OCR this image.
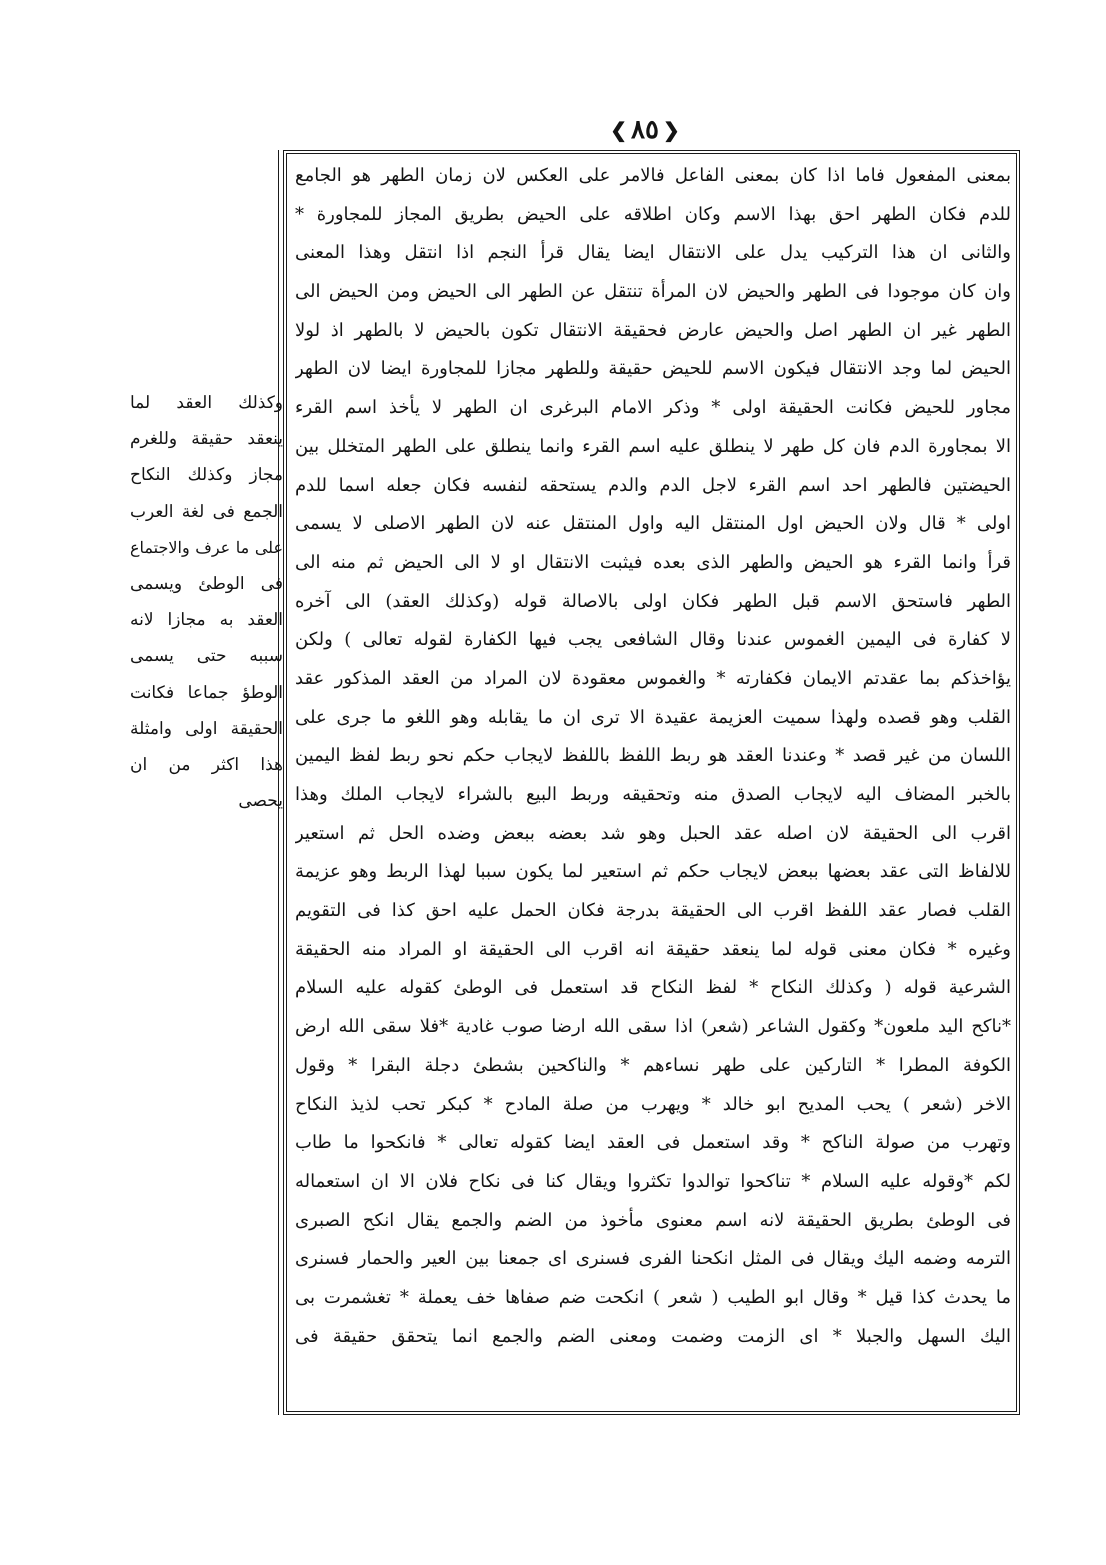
❮ ٨٥ ❯
بمعنى المفعول فاما اذا كان بمعنى الفاعل فالامر على العكس لان زمان الطهر هو الجامع
للدم فكان الطهر احق بهذا الاسم وكان اطلاقه على الحيض بطريق المجاز للمجاورة *
والثانى ان هذا التركيب يدل على الانتقال ايضا يقال قرأ النجم اذا انتقل وهذا المعنى
وان كان موجودا فى الطهر والحيض لان المرأة تنتقل عن الطهر الى الحيض ومن الحيض الى
الطهر غير ان الطهر اصل والحيض عارض فحقيقة الانتقال تكون بالحيض لا بالطهر اذ لولا
الحيض لما وجد الانتقال فيكون الاسم للحيض حقيقة وللطهر مجازا للمجاورة ايضا لان الطهر
مجاور للحيض فكانت الحقيقة اولى * وذكر الامام البرغرى ان الطهر لا يأخذ اسم القرء
الا بمجاورة الدم فان كل طهر لا ينطلق عليه اسم القرء وانما ينطلق على الطهر المتخلل بين
الحيضتين فالطهر احد اسم القرء لاجل الدم والدم يستحقه لنفسه فكان جعله اسما للدم
اولى * قال ولان الحيض اول المنتقل اليه واول المنتقل عنه لان الطهر الاصلى لا يسمى
قرأ وانما القرء هو الحيض والطهر الذى بعده فيثبت الانتقال او لا الى الحيض ثم منه الى
الطهر فاستحق الاسم قبل الطهر فكان اولى بالاصالة قوله (وكذلك العقد) الى آخره
لا كفارة فى اليمين الغموس عندنا وقال الشافعى يجب فيها الكفارة لقوله تعالى ) ولكن
يؤاخذكم بما عقدتم الايمان فكفارته * والغموس معقودة لان المراد من العقد المذكور عقد
القلب وهو قصده ولهذا سميت العزيمة عقيدة الا ترى ان ما يقابله وهو اللغو ما جرى على
اللسان من غير قصد * وعندنا العقد هو ربط اللفظ باللفظ لايجاب حكم نحو ربط لفظ اليمين
بالخبر المضاف اليه لايجاب الصدق منه وتحقيقه وربط البيع بالشراء لايجاب الملك وهذا
اقرب الى الحقيقة لان اصله عقد الحبل وهو شد بعضه ببعض وضده الحل ثم استعير
للالفاظ التى عقد بعضها ببعض لايجاب حكم ثم استعير لما يكون سببا لهذا الربط وهو عزيمة
القلب فصار عقد اللفظ اقرب الى الحقيقة بدرجة فكان الحمل عليه احق كذا فى التقويم
وغيره * فكان معنى قوله لما ينعقد حقيقة انه اقرب الى الحقيقة او المراد منه الحقيقة
الشرعية قوله ( وكذلك النكاح * لفظ النكاح قد استعمل فى الوطئ كقوله عليه السلام
*ناكح اليد ملعون* وكقول الشاعر (شعر) اذا سقى الله ارضا صوب غادية *فلا سقى الله ارض
الكوفة المطرا * التاركين على طهر نساءهم * والناكحين بشطئ دجلة البقرا * وقول
الاخر (شعر ) يحب المديح ابو خالد * ويهرب من صلة المادح * كبكر تحب لذيذ النكاح
وتهرب من صولة الناكح * وقد استعمل فى العقد ايضا كقوله تعالى * فانكحوا ما طاب
لكم *وقوله عليه السلام * تناكحوا توالدوا تكثروا ويقال كنا فى نكاح فلان الا ان استعماله
فى الوطئ بطريق الحقيقة لانه اسم معنوى مأخوذ من الضم والجمع يقال انكح الصبرى
الترمه وضمه اليك ويقال فى المثل انكحنا الفرى فسنرى اى جمعنا بين العير والحمار فسنرى
ما يحدث كذا قيل * وقال ابو الطيب ( شعر ) انكحت ضم صفاها خف يعملة * تغشمرت بى
اليك السهل والجبلا * اى الزمت وضمت ومعنى الضم والجمع انما يتحقق حقيقة فى
وكذلك العقد لما
ينعقد حقيقة وللغرم
مجاز وكذلك النكاح
الجمع فى لغة العرب
على ما عرف والاجتماع
فى الوطئ ويسمى
العقد به مجازا لانه
سببه حتى يسمى
الوطؤ جماعا فكانت
الحقيقة اولى وامثلة
هذا اكثر من ان
يحصى
